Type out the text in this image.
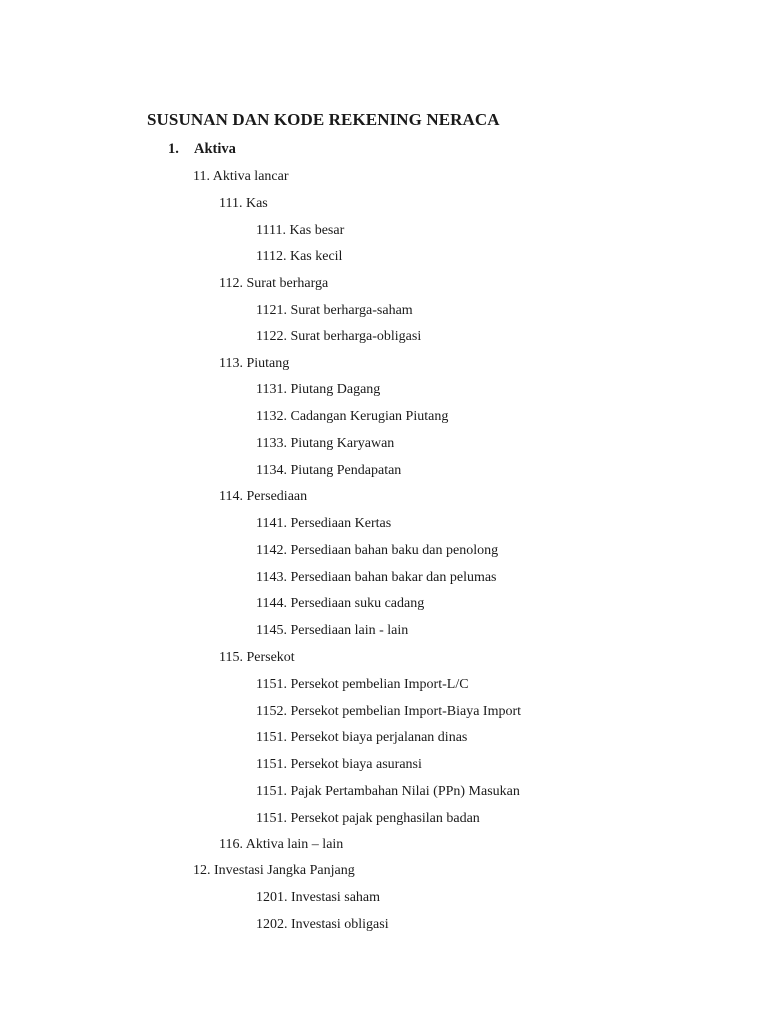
SUSUNAN DAN KODE REKENING NERACA
1. Aktiva
11. Aktiva lancar
111. Kas
1111. Kas besar
1112. Kas kecil
112. Surat berharga
1121. Surat berharga-saham
1122. Surat berharga-obligasi
113. Piutang
1131. Piutang Dagang
1132. Cadangan Kerugian Piutang
1133. Piutang Karyawan
1134. Piutang Pendapatan
114. Persediaan
1141. Persediaan Kertas
1142. Persediaan bahan baku dan penolong
1143. Persediaan bahan bakar dan pelumas
1144. Persediaan suku cadang
1145. Persediaan lain - lain
115. Persekot
1151. Persekot pembelian Import-L/C
1152. Persekot pembelian Import-Biaya Import
1151. Persekot biaya perjalanan dinas
1151. Persekot biaya asuransi
1151. Pajak Pertambahan Nilai (PPn) Masukan
1151. Persekot pajak penghasilan badan
116. Aktiva lain – lain
12. Investasi Jangka Panjang
1201. Investasi saham
1202. Investasi obligasi
